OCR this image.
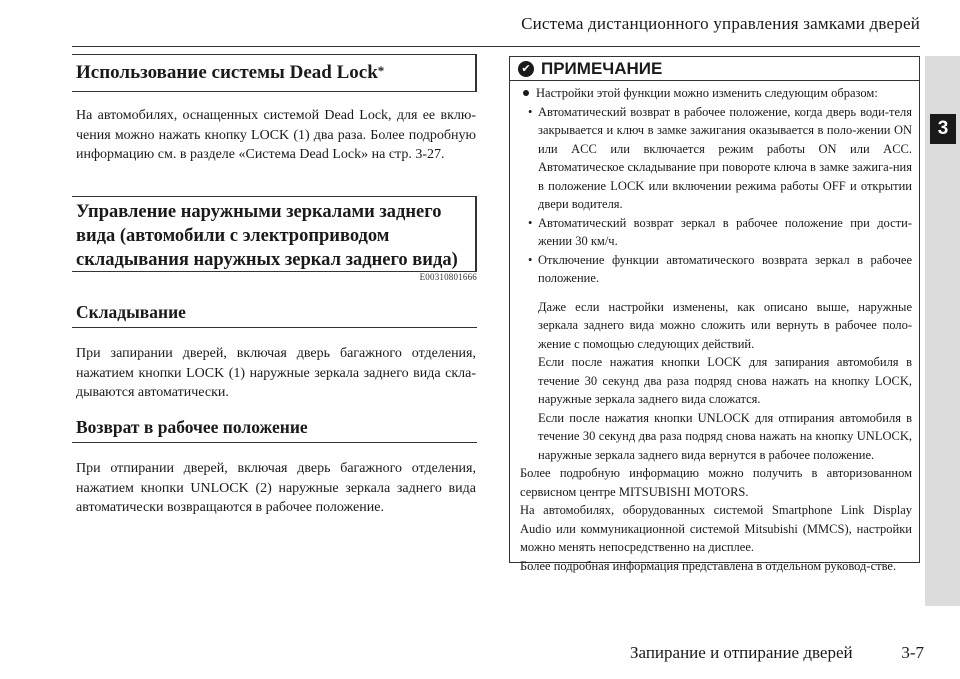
Система дистанционного управления замками дверей
3
Использование системы Dead Lock*
На автомобилях, оснащенных системой Dead Lock, для ее вклю-чения можно нажать кнопку LOCK (1) два раза. Более подробную информацию см. в разделе «Система Dead Lock» на стр. 3-27.
Управление наружными зеркалами заднего
вида (автомобили с электроприводом
складывания наружных зеркал заднего вида)
E00310801666
Складывание
При запирании дверей, включая дверь багажного отделения, нажатием кнопки LOCK (1) наружные зеркала заднего вида скла-дываются автоматически.
Возврат в рабочее положение
При отпирании дверей, включая дверь багажного отделения, нажатием кнопки UNLOCK (2) наружные зеркала заднего вида автоматически возвращаются в рабочее положение.
✔ ПРИМЕЧАНИЕ

Настройки этой функции можно изменить следующим образом:

• Автоматический возврат в рабочее положение, когда дверь води-теля закрывается и ключ в замке зажигания оказывается в поло-жении ON или ACC или включается режим работы ON или ACC. Автоматическое складывание при повороте ключа в замке зажига-ния в положение LOCK или включении режима работы OFF и открытии двери водителя.

• Автоматический возврат зеркал в рабочее положение при дости-жении 30 км/ч.

• Отключение функции автоматического возврата зеркал в рабочее положение.

Даже если настройки изменены, как описано выше, наружные зеркала заднего вида можно сложить или вернуть в рабочее поло-жение с помощью следующих действий.

Если после нажатия кнопки LOCK для запирания автомобиля в течение 30 секунд два раза подряд снова нажать на кнопку LOCK, наружные зеркала заднего вида сложатся.

Если после нажатия кнопки UNLOCK для отпирания автомобиля в течение 30 секунд два раза подряд снова нажать на кнопку UNLOCK, наружные зеркала заднего вида вернутся в рабочее положение.

Более подробную информацию можно получить в авторизованном сервисном центре MITSUBISHI MOTORS.

На автомобилях, оборудованных системой Smartphone Link Display Audio или коммуникационной системой Mitsubishi (MMCS), настройки можно менять непосредственно на дисплее.

Более подробная информация представлена в отдельном руковод-стве.

Запирание и отпирание дверей	3-7
